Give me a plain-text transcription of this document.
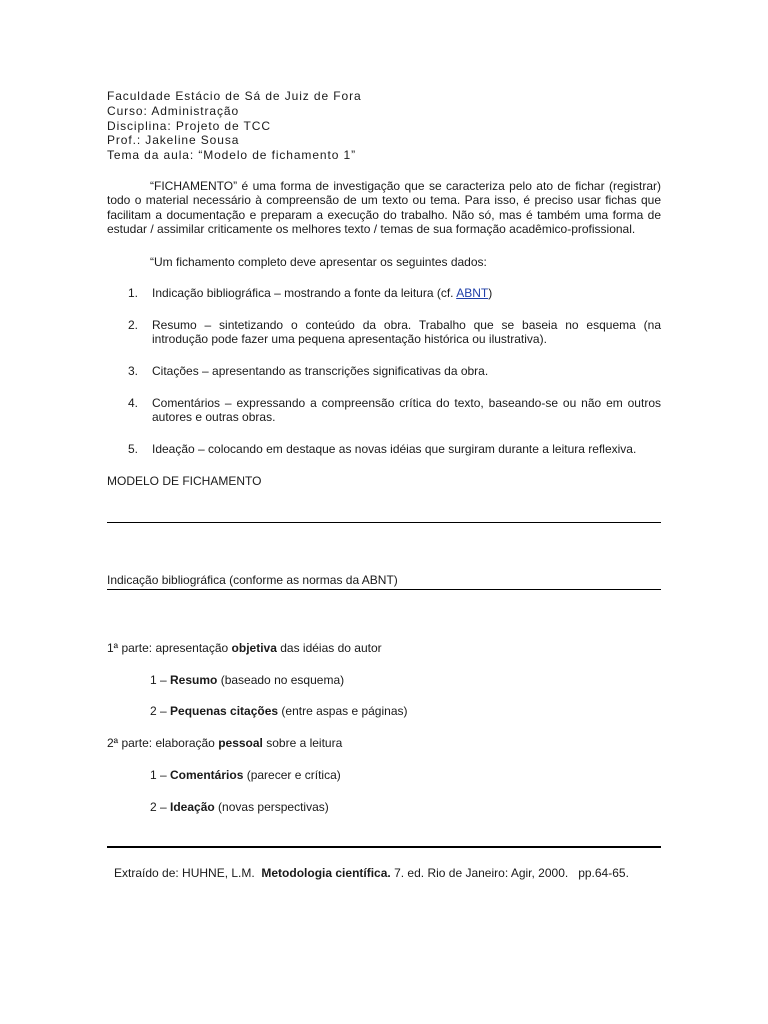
Faculdade Estácio de Sá de Juiz de Fora
Curso: Administração
Disciplina: Projeto de TCC
Prof.: Jakeline Sousa
Tema da aula: “Modelo de fichamento 1”
“FICHAMENTO” é uma forma de investigação que se caracteriza pelo ato de fichar (registrar) todo o material necessário à compreensão de um texto ou tema. Para isso, é preciso usar fichas que facilitam a documentação e preparam a execução do trabalho. Não só, mas é também uma forma de estudar / assimilar criticamente os melhores texto / temas de sua formação acadêmico-profissional.
“Um fichamento completo deve apresentar os seguintes dados:
1. Indicação bibliográfica – mostrando a fonte da leitura (cf. ABNT)
2. Resumo – sintetizando o conteúdo da obra. Trabalho que se baseia no esquema (na introdução pode fazer uma pequena apresentação histórica ou ilustrativa).
3. Citações – apresentando as transcrições significativas da obra.
4. Comentários – expressando a compreensão crítica do texto, baseando-se ou não em outros autores e outras obras.
5. Ideação – colocando em destaque as novas idéias que surgiram durante a leitura reflexiva.
MODELO DE FICHAMENTO
Indicação bibliográfica (conforme as normas da ABNT)
1ª parte: apresentação objetiva das idéias do autor
1 – Resumo (baseado no esquema)
2 – Pequenas citações (entre aspas e páginas)
2ª parte: elaboração pessoal sobre a leitura
1 – Comentários (parecer e crítica)
2 – Ideação (novas perspectivas)
Extraído de: HUHNE, L.M.  Metodologia científica. 7. ed. Rio de Janeiro: Agir, 2000.   pp.64-65.
